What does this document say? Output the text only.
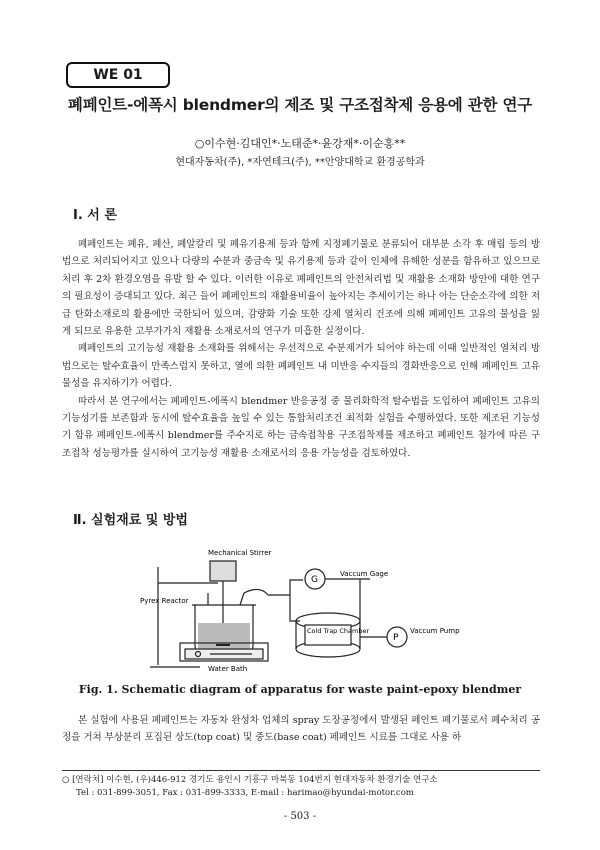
WE 01
폐페인트-에폭시 blendmer의 제조 및 구조접착제 응용에 관한 연구
○이수현·김대인*·노태준*·윤강재*·이순홍**
현대자동차(주), *자연테크(주), **안양대학교 환경공학과
Ⅰ. 서 론

폐페인트는 폐유, 폐산, 폐알칼리 및 폐유기용제 등과 함께 지정폐기물로 분류되어 대부분 소각 후 매립 등의 방법으로 처리되어지고 있으나 다량의 수분과 중금속 및 유기용제 등과 같이 인체에 유해한 성분을 함유하고 있으므로 처리 후 2차 환경오염을 유발 할 수 있다. 이러한 이유로 폐페인트의 안전처리법 및 재활용 소재화 방안에 대한 연구의 필요성이 증대되고 있다. 최근 들어 폐페인트의 재활용비율이 높아지는 추세이기는 하나 아는 단순소각에 의한 저급 탄화소재로의 활용에만 국한되어 있으며, 감량화 기술 또한 강제 열처리 건조에 의해 폐페인트 고유의 물성을 잃게 되므로 유용한 고부가가치 재활용 소재로서의 연구가 미흡한 실정이다.

폐페인트의 고기능성 재활용 소재화를 위해서는 우선적으로 수분제거가 되어야 하는데 이때 일반적인 열처리 방법으로는 탈수효율이 만족스럽지 못하고, 열에 의한 폐페인트 내 미반응 수지들의 경화반응으로 인해 폐페인트 고유물성을 유지하기가 어렵다.

따라서 본 연구에서는 폐페인트-에폭시 blendmer 반응공정 중 물리화학적 탈수법을 도입하여 폐페인트 고유의 기능성기를 보존함과 동시에 탈수효율을 높일 수 있는 통합처리조건 최적화 실험을 수행하였다. 또한 제조된 기능성기 함유 폐페인트-에폭시 blendmer를 주수지로 하는 금속접착용 구조접착제를 제조하고 폐페인트 첨가에 따른 구조접착 성능평가를 실시하여 고기능성 재활용 소재로서의 응용 가능성을 검토하였다.

Ⅱ. 실험재료 및 방법
Mechanical Stirrer
G
Vaccum Gage
Pyrex Reactor
Cold Trap Chamber
P
Vaccum Pump
Water Bath
Fig. 1. Schematic diagram of apparatus for waste paint-epoxy blendmer

본 실험에 사용된 폐페인트는 자동차 완성차 업체의 spray 도장공정에서 발생된 페인트 폐기물로서 폐수처리 공정을 거쳐 부상분리 포집된 상도(top coat) 및 중도(base coat) 페페인트 시료를 그대로 사용 하

○ [연락처] 이수현, (우)446-912 경기도 용인시 기흥구 마북동 104번지 현대자동차 환경기술 연구소
Tel : 031-899-3051, Fax : 031-899-3333, E-mail : harimao@hyundai-motor.com
- 503 -
